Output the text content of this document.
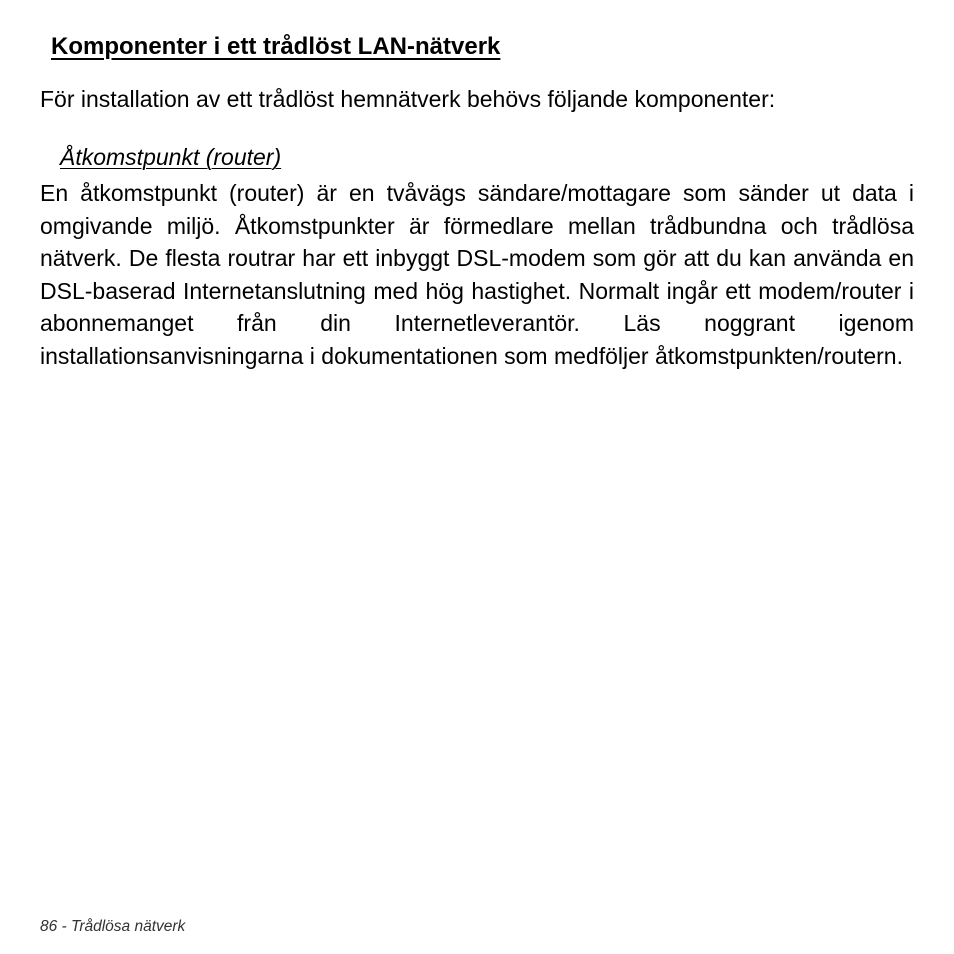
Komponenter i ett trådlöst LAN-nätverk
För installation av ett trådlöst hemnätverk behövs följande komponenter:
Åtkomstpunkt (router)

En åtkomstpunkt (router) är en tvåvägs sändare/mottagare som sänder ut data i omgivande miljö. Åtkomstpunkter är förmedlare mellan trådbundna och trådlösa nätverk. De flesta routrar har ett inbyggt DSL-modem som gör att du kan använda en DSL-baserad Internetanslutning med hög hastighet. Normalt ingår ett modem/router i abonnemanget från din Internetleverantör. Läs noggrant igenom installationsanvisningarna i dokumentationen som medföljer åtkomstpunkten/routern.

86 - Trådlösa nätverk
